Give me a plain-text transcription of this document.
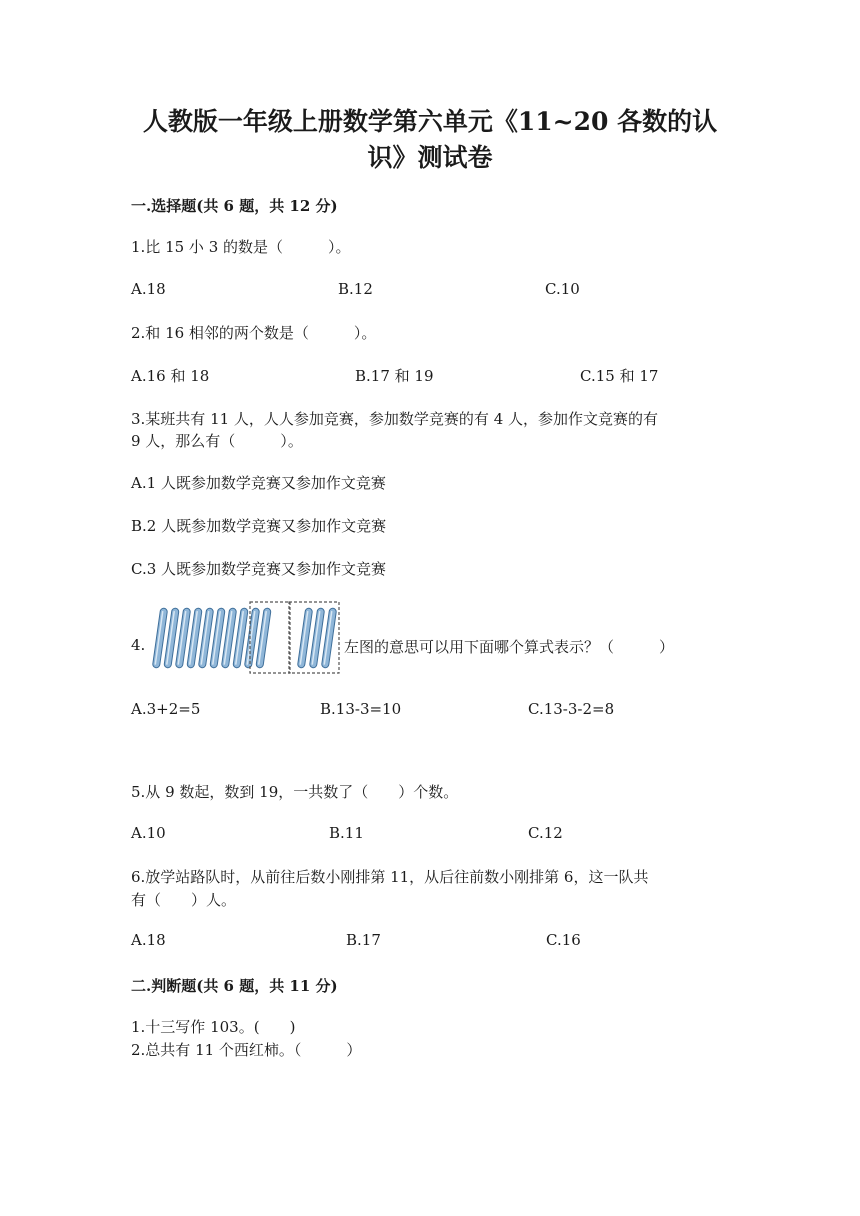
人教版一年级上册数学第六单元《11~20 各数的认
识》测试卷
一.选择题(共 6 题，共 12 分)
1.比 15 小 3 的数是（　　　）。
A.18	B.12	C.10
2.和 16 相邻的两个数是（　　　）。
A.16 和 18	B.17 和 19	C.15 和 17
3.某班共有 11 人，人人参加竞赛，参加数学竞赛的有 4 人，参加作文竞赛的有
9 人，那么有（　　　）。
A.1 人既参加数学竞赛又参加作文竞赛
B.2 人既参加数学竞赛又参加作文竞赛
C.3 人既参加数学竞赛又参加作文竞赛
4.	左图的意思可以用下面哪个算式表示？（　　　）
A.3+2=5	B.13-3=10	C.13-3-2=8
5.从 9 数起，数到 19，一共数了（　　）个数。
A.10	B.11	C.12
6.放学站路队时，从前往后数小刚排第 11，从后往前数小刚排第 6，这一队共
有（　　）人。
A.18	B.17	C.16
二.判断题(共 6 题，共 11 分)
1.十三写作 103。(　　)
2.总共有 11 个西红柿。（　　　）
